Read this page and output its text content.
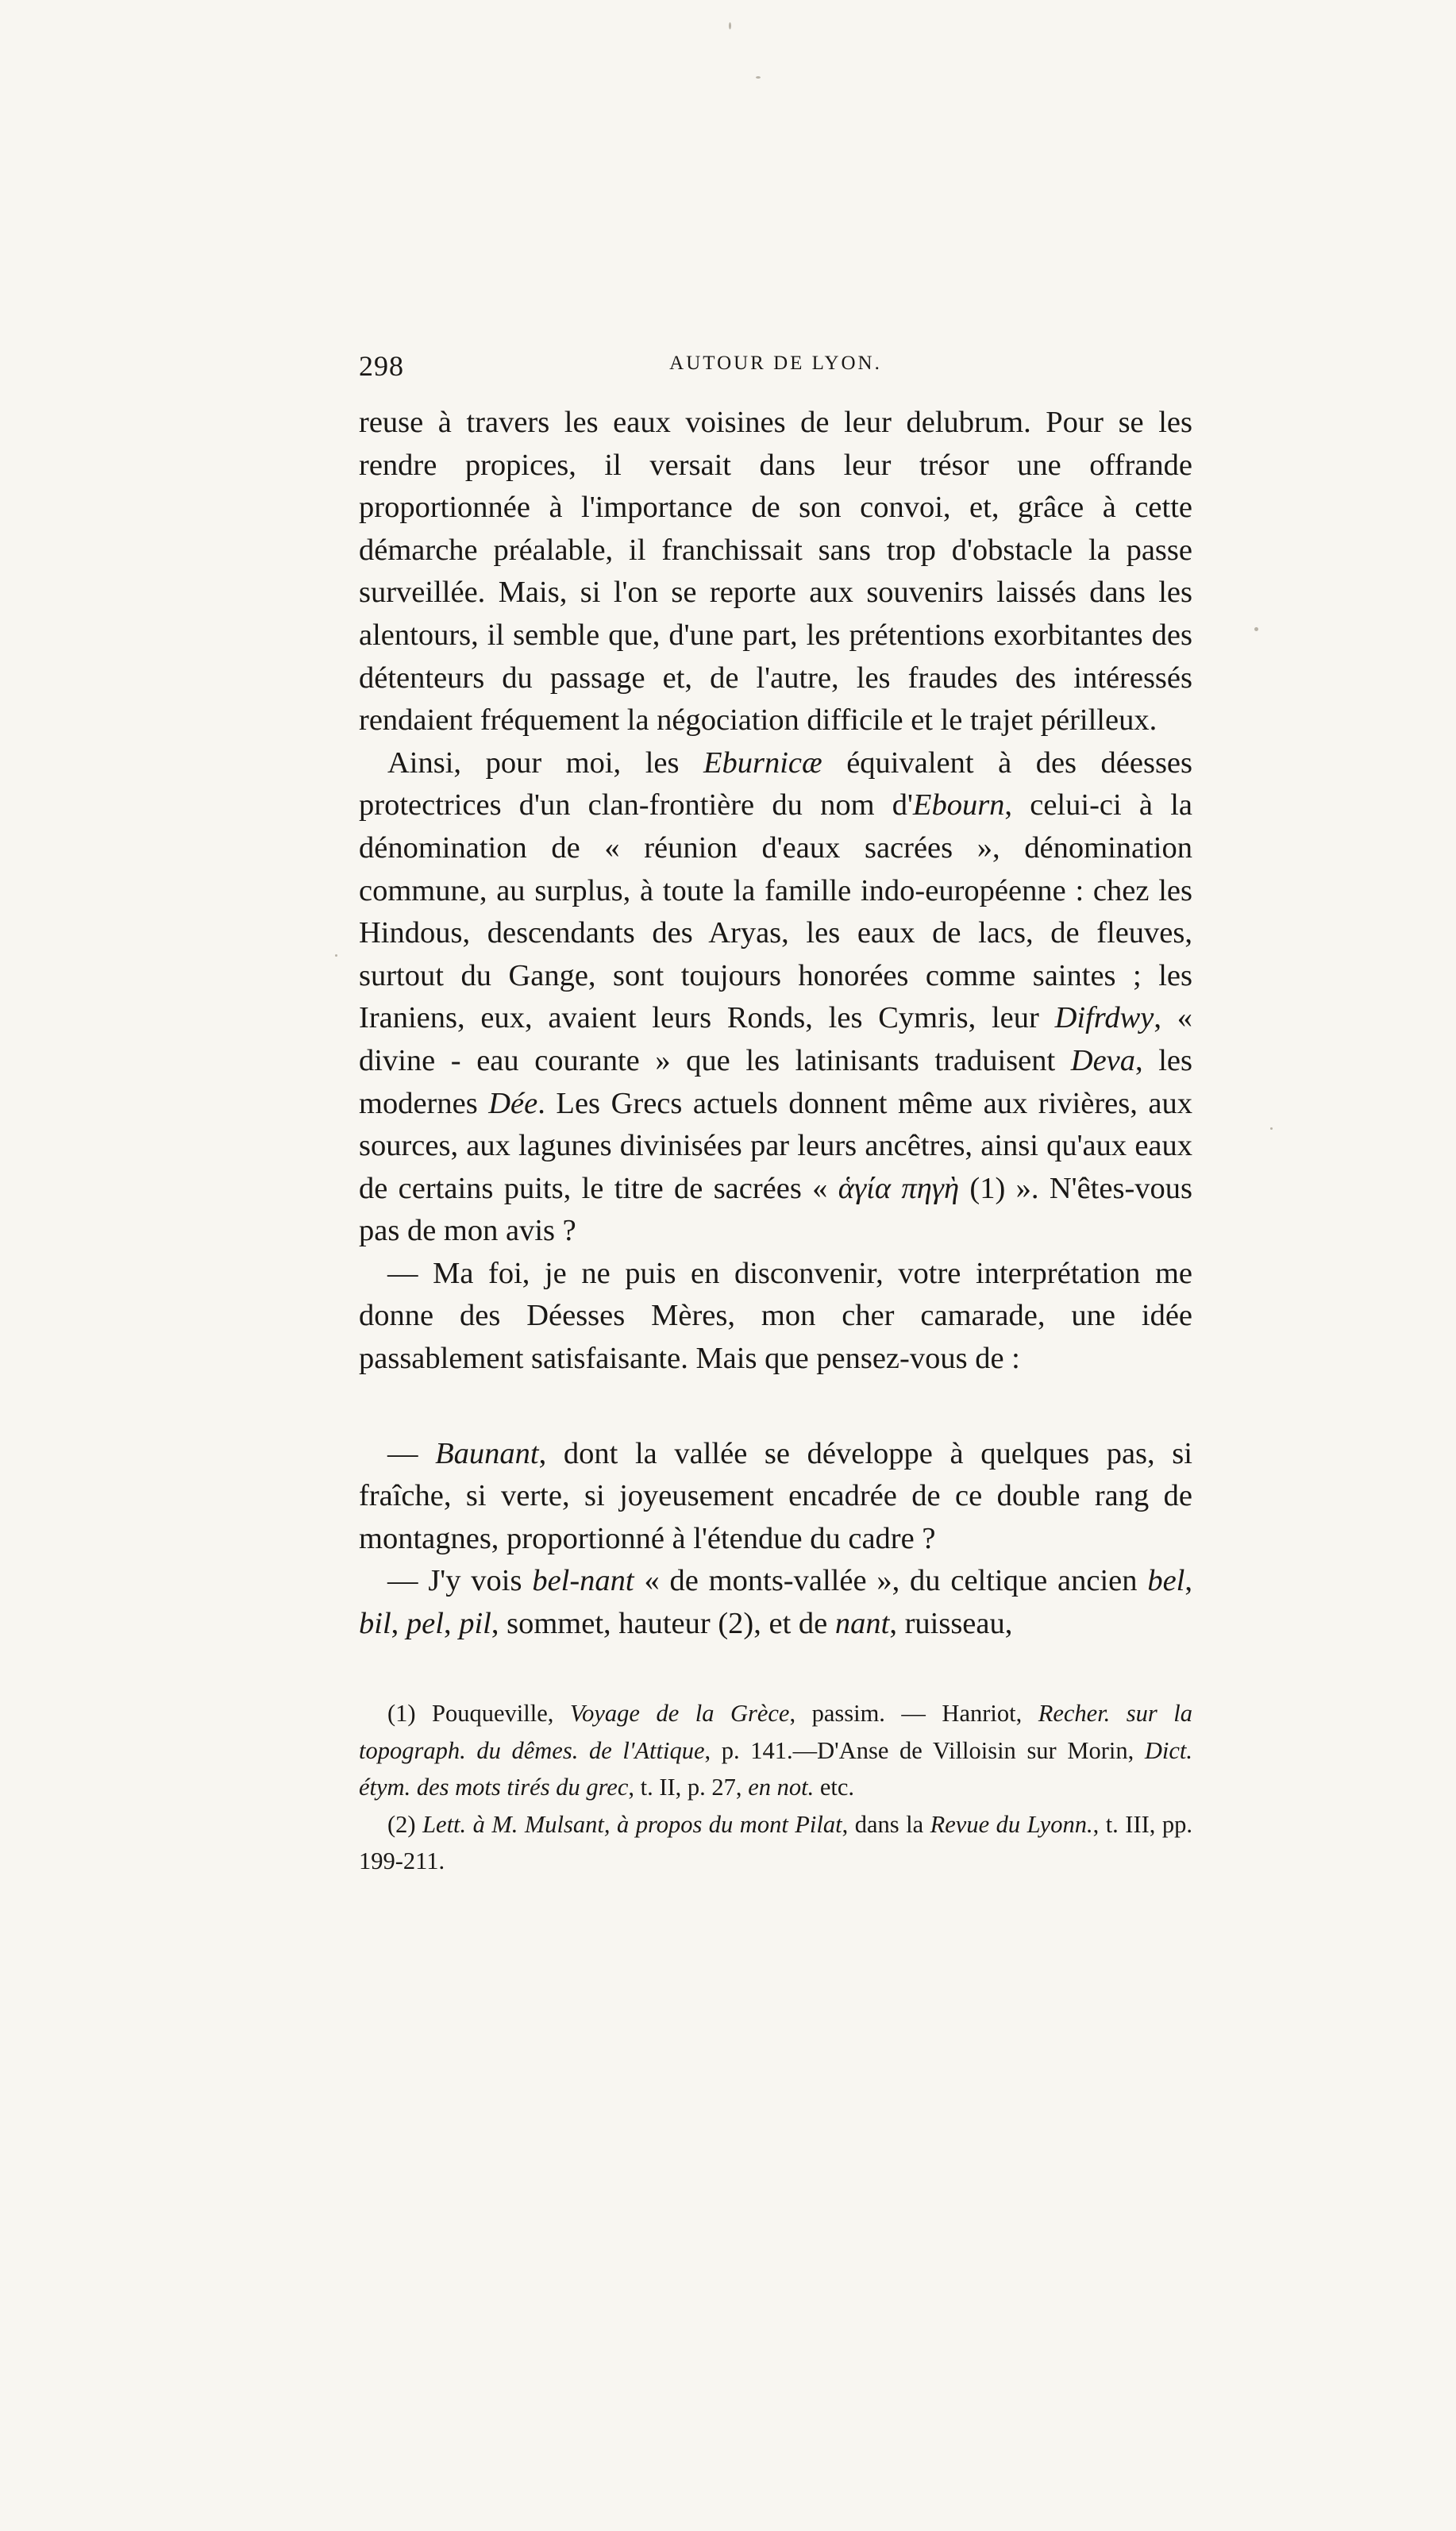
298	AUTOUR DE LYON.

reuse à travers les eaux voisines de leur delubrum. Pour se les rendre propices, il versait dans leur trésor une offrande proportionnée à l'importance de son convoi, et, grâce à cette démarche préalable, il franchissait sans trop d'obstacle la passe surveillée. Mais, si l'on se reporte aux souvenirs laissés dans les alentours, il semble que, d'une part, les prétentions exorbitantes des détenteurs du passage et, de l'autre, les fraudes des intéressés rendaient fréquement la négociation difficile et le trajet périlleux.

Ainsi, pour moi, les Eburnicæ équivalent à des déesses protectrices d'un clan-frontière du nom d'Ebourn, celui-ci à la dénomination de « réunion d'eaux sacrées », dénomination commune, au surplus, à toute la famille indo-européenne : chez les Hindous, descendants des Aryas, les eaux de lacs, de fleuves, surtout du Gange, sont toujours honorées comme saintes ; les Iraniens, eux, avaient leurs Ronds, les Cymris, leur Difrdwy, « divine - eau courante » que les latinisants traduisent Deva, les modernes Dée. Les Grecs actuels donnent même aux rivières, aux sources, aux lagunes divinisées par leurs ancêtres, ainsi qu'aux eaux de certains puits, le titre de sacrées « ἁγία πηγὴ (1) ». N'êtes-vous pas de mon avis ?

— Ma foi, je ne puis en disconvenir, votre interprétation me donne des Déesses Mères, mon cher camarade, une idée passablement satisfaisante. Mais que pensez-vous de :

— Baunant, dont la vallée se développe à quelques pas, si fraîche, si verte, si joyeusement encadrée de ce double rang de montagnes, proportionné à l'étendue du cadre ?

— J'y vois bel-nant « de monts-vallée », du celtique ancien bel, bil, pel, pil, sommet, hauteur (2), et de nant, ruisseau,

(1) Pouqueville, Voyage de la Grèce, passim. — Hanriot, Recher. sur la topograph. du dêmes. de l'Attique, p. 141.—D'Anse de Villoisin sur Morin, Dict. étym. des mots tirés du grec, t. II, p. 27, en not. etc.

(2) Lett. à M. Mulsant, à propos du mont Pilat, dans la Revue du Lyonn., t. III, pp. 199-211.
